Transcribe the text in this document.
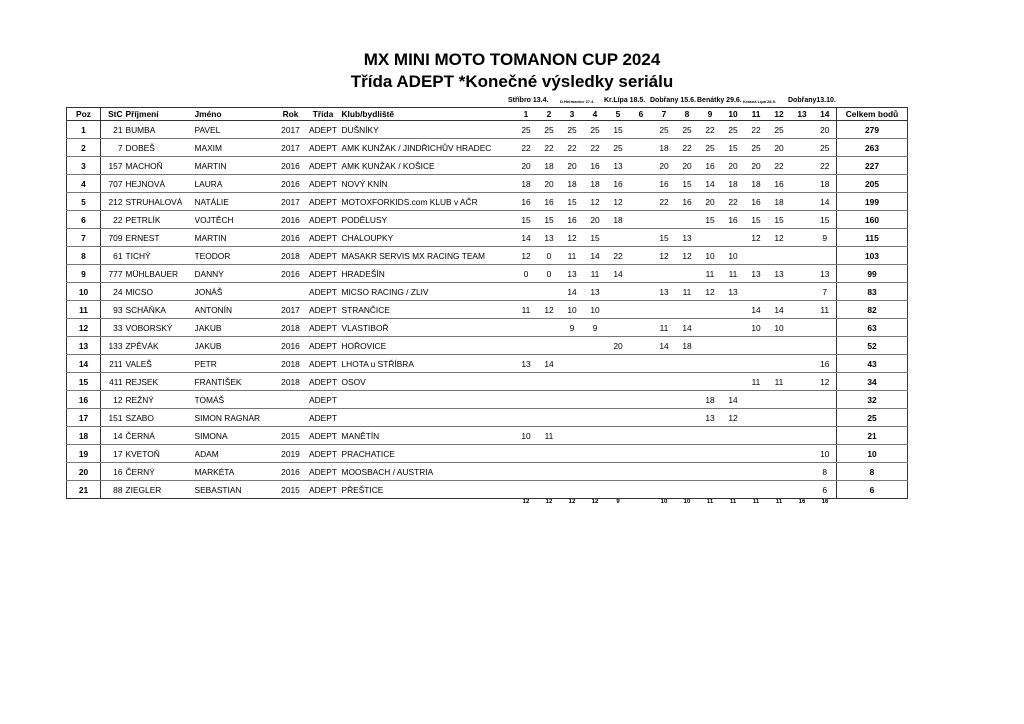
MX MINI MOTO TOMANON CUP 2024
Třída ADEPT *Konečné výsledky seriálu
Stříbro 13.4.	D.Heřmanice 27.4. Kr.Lípa 18.5. Dobřany 15.6. Benátky 29.6. Krásná Lípa 28.9. Dobřany13.10.
Poz	StC	Příjmení	Jméno	Rok	Třída	Klub/bydliště	1	2	3	4	5	6	7	8	9	10	11	12	13	14	Celkem bodů
1	21	BUMBA	PAVEL	2017	ADEPT	DUŠNÍKY	25	25	25	25	15		25	25	22	25	22	25		20	279
2	7	DOBEŠ	MAXIM	2017	ADEPT	AMK KUNŽAK / JINDŘICHŮV HRADEC	22	22	22	22	25		18	22	25	15	25	20		25	263
3	157	MACHOŇ	MARTIN	2016	ADEPT	AMK KUNŽAK / KOŠICE	20	18	20	16	13		20	20	16	20	20	22		22	227
4	707	HEJNOVÁ	LAURA	2016	ADEPT	NOVÝ KNÍN	18	20	18	18	16		16	15	14	18	18	16		18	205
5	212	STRUHALOVÁ	NATÁLIE	2017	ADEPT	MOTOXFORKIDS.com KLUB v AČR	16	16	15	12	12		22	16	20	22	16	18		14	199
6	22	PETRLÍK	VOJTĚCH	2016	ADEPT	PODĚLUSY	15	15	16	20	18				15	16	15	15		15	160
7	709	ERNEST	MARTIN	2016	ADEPT	CHALOUPKY	14	13	12	15			15	13			12	12		9	115
8	61	TICHÝ	TEODOR	2018	ADEPT	MASAKR SERVIS MX RACING TEAM	12	0	11	14	22		12	12	10	10					103
9	777	MÜHLBAUER	DANNY	2016	ADEPT	HRADEŠÍN	0	0	13	11	14				11	11	13	13		13	99
10	24	MICSO	JONÁŠ		ADEPT	MICSO RACING / ZLIV			14	13			13	11	12	13				7	83
11	93	SCHÄŇKA	ANTONÍN	2017	ADEPT	STRANČICE	11	12	10	10							14	14		11	82
12	33	VOBORSKÝ	JAKUB	2018	ADEPT	VLASTIBOŘ			9	9			11	14			10	10			63
13	133	ZPĚVÁK	JAKUB	2016	ADEPT	HOŘOVICE					20		14	18							52
14	211	VALEŠ	PETR	2018	ADEPT	LHOTA u STŘÍBRA	13	14												16	43
15	411	REJSEK	FRANTIŠEK	2018	ADEPT	OSOV											11	11		12	34
16	12	REŽNÝ	TOMÁŠ		ADEPT										18	14					32
17	151	SZABO	SIMON RAGNAR		ADEPT										13	12					25
18	14	ČERNÁ	SIMONA	2015	ADEPT	MANĚTÍN	10	11													21
19	17	KVETOŇ	ADAM	2019	ADEPT	PRACHATICE														10	10
20	16	ČERNÝ	MARKÉTA	2016	ADEPT	MOOSBACH / AUSTRIA														8	8
21	88	ZIEGLER	SEBASTIAN	2015	ADEPT	PŘEŠTICE														6	6
							12	12	12	12	9		10	10	11	11	11	11	16	16	
